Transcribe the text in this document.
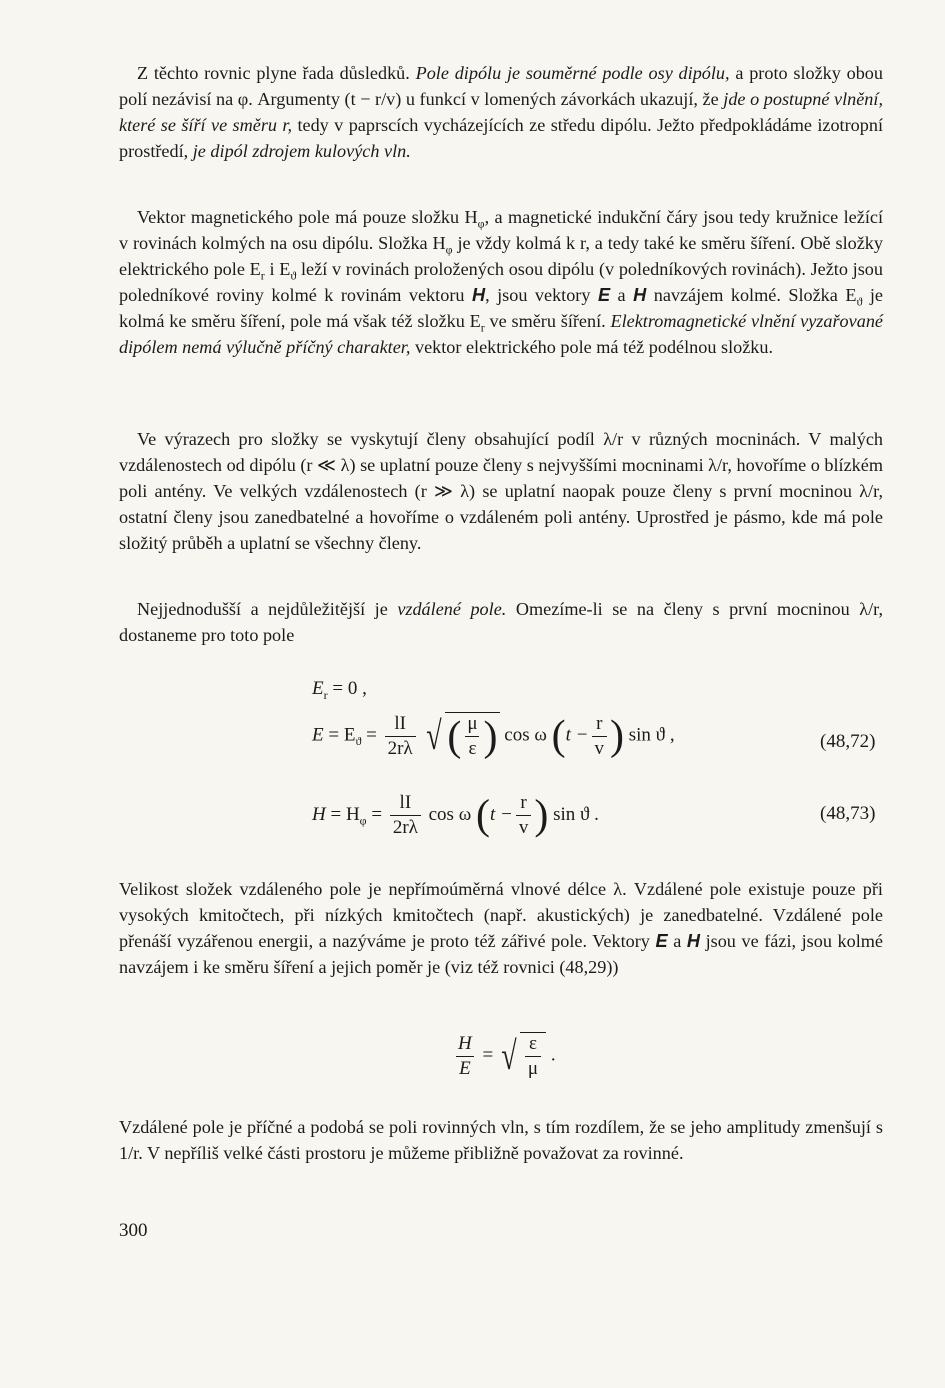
Z těchto rovnic plyne řada důsledků. Pole dipólu je souměrné podle osy dipólu, a proto složky obou polí nezávisí na φ. Argumenty (t − r/v) u funkcí v lomených závorkách ukazují, že jde o postupné vlnění, které se šíří ve směru r, tedy v paprscích vycházejících ze středu dipólu. Ježto předpokládáme izotropní prostředí, je dipól zdrojem kulových vln.
Vektor magnetického pole má pouze složku $H_\varphi$, a magnetické indukční čáry jsou tedy kružnice ležící v rovinách kolmých na osu dipólu. Složka $H_\varphi$ je vždy kolmá k r, a tedy také ke směru šíření. Obě složky elektrického pole $E_r$ i $E_ϑ$ leží v rovinách proložených osou dipólu (v poledníkových rovinách). Ježto jsou poledníkové roviny kolmé k rovinám vektoru H, jsou vektory E a H navzájem kolmé. Složka $E_ϑ$ je kolmá ke směru šíření, pole má však též složku $E_r$ ve směru šíření. Elektromagnetické vlnění vyzařované dipólem nemá výlučně příčný charakter, vektor elektrického pole má též podélnou složku.
Ve výrazech pro složky se vyskytují členy obsahující podíl λ/r v různých mocninách. V malých vzdálenostech od dipólu (r ≪ λ) se uplatní pouze členy s nejvyššími mocninami λ/r, hovoříme o blízkém poli antény. Ve velkých vzdálenostech (r ≫ λ) se uplatní naopak pouze členy s první mocninou λ/r, ostatní členy jsou zanedbatelné a hovoříme o vzdáleném poli antény. Uprostřed je pásmo, kde má pole složitý průběh a uplatní se všechny členy.
Nejjednodušší a nejdůležitější je vzdálené pole. Omezíme-li se na členy s první mocninou λ/r, dostaneme pro toto pole
$E_r = 0$ ,
$E = E_ϑ = \frac{lI}{2r\lambda}$
√ ( $\frac{\mu}{\varepsilon}$ ) cos ω ($t - \frac{r}{v}$ ) sin ϑ ,	(48,72)
$H = H_\varphi = \frac{lI}{2r\lambda}$ cos ω ($t - \frac{r}{v}$ ) sin ϑ .	(48,73)
Velikost složek vzdáleného pole je nepřímoúměrná vlnové délce λ. Vzdálené pole existuje pouze při vysokých kmitočtech, při nízkých kmitočtech (např. akustických) je zanedbatelné. Vzdálené pole přenáší vyzářenou energii, a nazýváme je proto též zářivé pole. Vektory E a H jsou ve fázi, jsou kolmé navzájem i ke směru šíření a jejich poměr je (viz též rovnici (48,29))
$\frac{H}{E}$ = √ $\frac{\varepsilon}{\mu}$ .
Vzdálené pole je příčné a podobá se poli rovinných vln, s tím rozdílem, že se jeho amplitudy zmenšují s 1/r. V nepříliš velké části prostoru je můžeme přibližně považovat za rovinné.
300
